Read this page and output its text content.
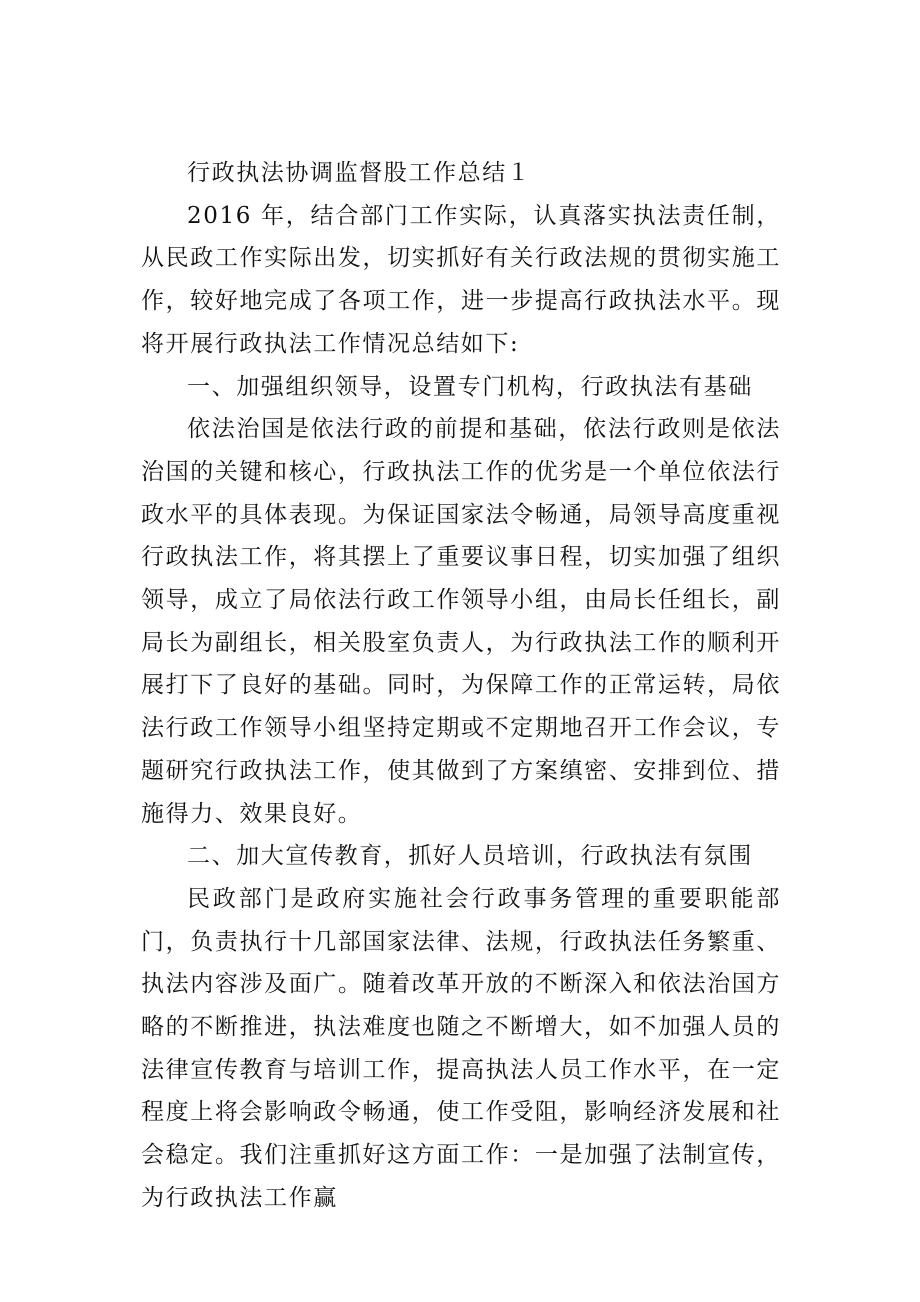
行政执法协调监督股工作总结１

2016 年，结合部门工作实际，认真落实执法责任制，从民政工作实际出发，切实抓好有关行政法规的贯彻实施工作，较好地完成了各项工作，进一步提高行政执法水平。现将开展行政执法工作情况总结如下:

一、加强组织领导，设置专门机构，行政执法有基础

依法治国是依法行政的前提和基础，依法行政则是依法治国的关键和核心，行政执法工作的优劣是一个单位依法行政水平的具体表现。为保证国家法令畅通，局领导高度重视行政执法工作，将其摆上了重要议事日程，切实加强了组织领导，成立了局依法行政工作领导小组，由局长任组长，副局长为副组长，相关股室负责人，为行政执法工作的顺利开展打下了良好的基础。同时，为保障工作的正常运转，局依法行政工作领导小组坚持定期或不定期地召开工作会议，专题研究行政执法工作，使其做到了方案缜密、安排到位、措施得力、效果良好。

二、加大宣传教育，抓好人员培训，行政执法有氛围

民政部门是政府实施社会行政事务管理的重要职能部门，负责执行十几部国家法律、法规，行政执法任务繁重、执法内容涉及面广。随着改革开放的不断深入和依法治国方略的不断推进，执法难度也随之不断增大，如不加强人员的法律宣传教育与培训工作，提高执法人员工作水平，在一定程度上将会影响政令畅通，使工作受阻，影响经济发展和社会稳定。我们注重抓好这方面工作：一是加强了法制宣传，为行政执法工作赢
